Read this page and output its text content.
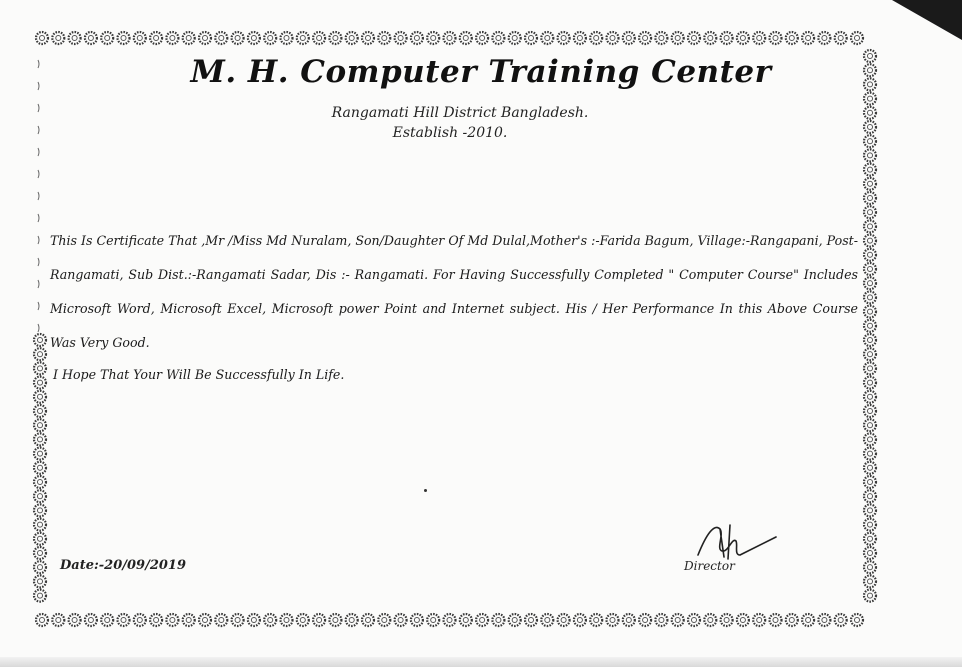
M. H. Computer Training Center
Rangamati Hill District Bangladesh.
Establish -2010.
This Is Certificate That ,Mr /Miss Md Nuralam, Son/Daughter Of Md Dulal,Mother's :-Farida Bagum, Village:-Rangapani, Post-Rangamati, Sub Dist.:-Rangamati Sadar, Dis :- Rangamati. For Having Successfully Completed " Computer Course" Includes Microsoft Word, Microsoft Excel, Microsoft power Point and Internet subject. His / Her Performance In this Above Course Was Very Good.
I Hope That Your Will Be Successfully In Life.
Date:-20/09/2019	Director
